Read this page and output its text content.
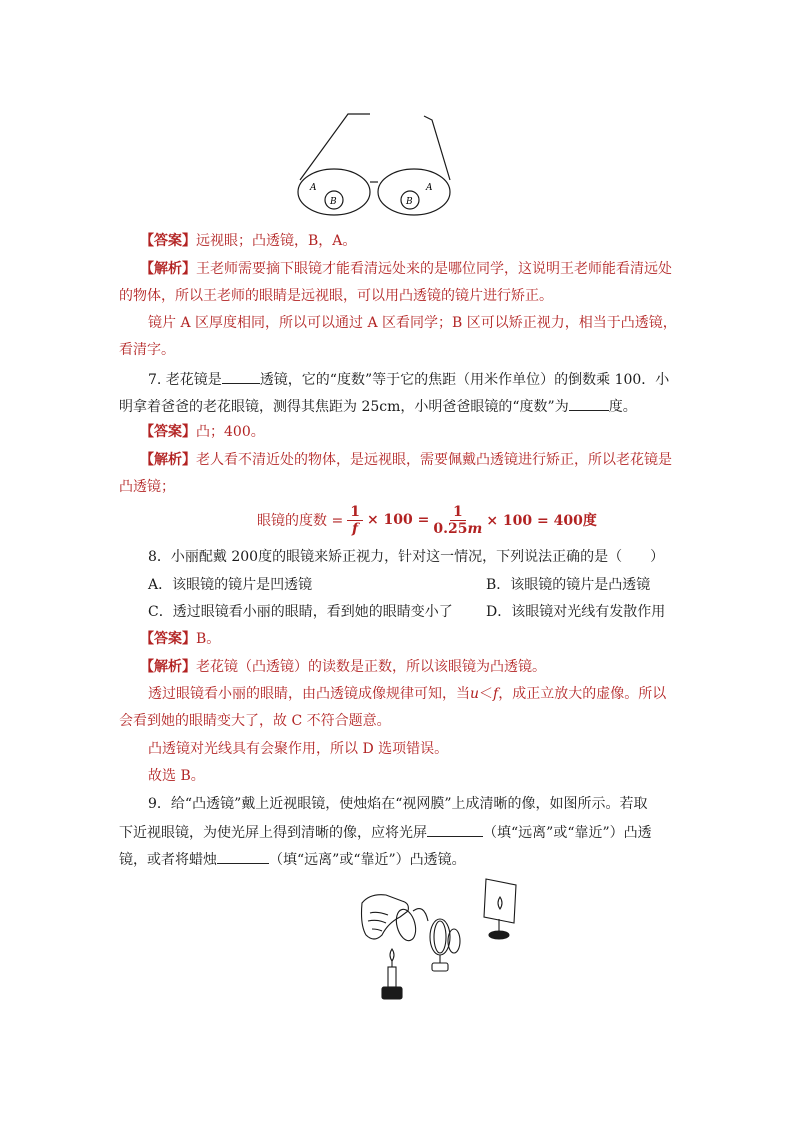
A
B	B
A
【答案】远视眼；凸透镜，B，A。
【解析】王老师需要摘下眼镜才能看清远处来的是哪位同学，这说明王老师能看清远处
的物体，所以王老师的眼睛是远视眼，可以用凸透镜的镜片进行矫正。
镜片 A 区厚度相同，所以可以通过 A 区看同学；B 区可以矫正视力，相当于凸透镜，
看清字。
7. 老花镜是	透镜，它的“度数”等于它的焦距（用米作单位）的倒数乘 100．小
明拿着爸爸的老花眼镜，测得其焦距为 25cm，小明爸爸眼镜的“度数”为	度。
【答案】凸；400。
【解析】老人看不清近处的物体，是远视眼，需要佩戴凸透镜进行矫正，所以老花镜是
凸透镜；
眼镜的度数 = $\frac{1}{f} \times 100 = \frac{1}{0.25m} \times 100 = 400$度
8．小丽配戴 200度的眼镜来矫正视力，针对这一情况，下列说法正确的是（　　）
A．该眼镜的镜片是凹透镜	B．该眼镜的镜片是凸透镜
C．透过眼镜看小丽的眼睛，看到她的眼睛变小了 D．该眼镜对光线有发散作用
【答案】B。
【解析】老花镜（凸透镜）的读数是正数，所以该眼镜为凸透镜。
透过眼镜看小丽的眼睛，由凸透镜成像规律可知，当u＜f，成正立放大的虚像。所以
会看到她的眼睛变大了，故 C 不符合题意。
凸透镜对光线具有会聚作用，所以 D 选项错误。
故选 B。
9．给“凸透镜”戴上近视眼镜，使烛焰在“视网膜”上成清晰的像，如图所示。若取
下近视眼镜，为使光屏上得到清晰的像，应将光屏	（填“远离”或“靠近”）凸透
镜，或者将蜡烛	（填“远离”或“靠近”）凸透镜。
